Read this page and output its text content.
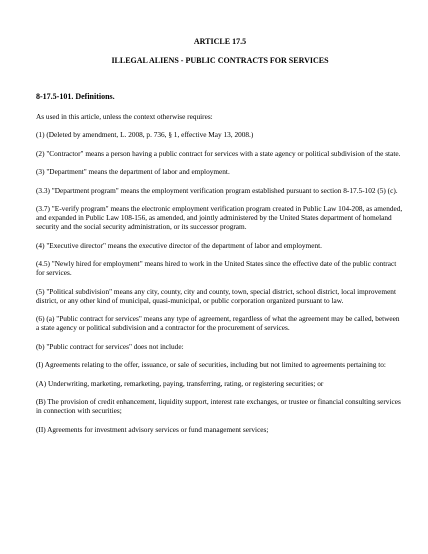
ARTICLE 17.5
ILLEGAL ALIENS - PUBLIC CONTRACTS FOR SERVICES
8-17.5-101. Definitions.

As used in this article, unless the context otherwise requires:

(1) (Deleted by amendment, L. 2008, p. 736, § 1, effective May 13, 2008.)

(2) "Contractor" means a person having a public contract for services with a state agency or political subdivision of the state.

(3) "Department" means the department of labor and employment.

(3.3) "Department program" means the employment verification program established pursuant to section 8-17.5-102 (5) (c).

(3.7) "E-verify program" means the electronic employment verification program created in Public Law 104-208, as amended, and expanded in Public Law 108-156, as amended, and jointly administered by the United States department of homeland security and the social security administration, or its successor program.

(4) "Executive director" means the executive director of the department of labor and employment.

(4.5) "Newly hired for employment" means hired to work in the United States since the effective date of the public contract for services.

(5) "Political subdivision" means any city, county, city and county, town, special district, school district, local improvement district, or any other kind of municipal, quasi-municipal, or public corporation organized pursuant to law.

(6) (a) "Public contract for services" means any type of agreement, regardless of what the agreement may be called, between a state agency or political subdivision and a contractor for the procurement of services.

(b) "Public contract for services" does not include:

(I) Agreements relating to the offer, issuance, or sale of securities, including but not limited to agreements pertaining to:

(A) Underwriting, marketing, remarketing, paying, transferring, rating, or registering securities; or

(B) The provision of credit enhancement, liquidity support, interest rate exchanges, or trustee or financial consulting services in connection with securities;

(II) Agreements for investment advisory services or fund management services;
